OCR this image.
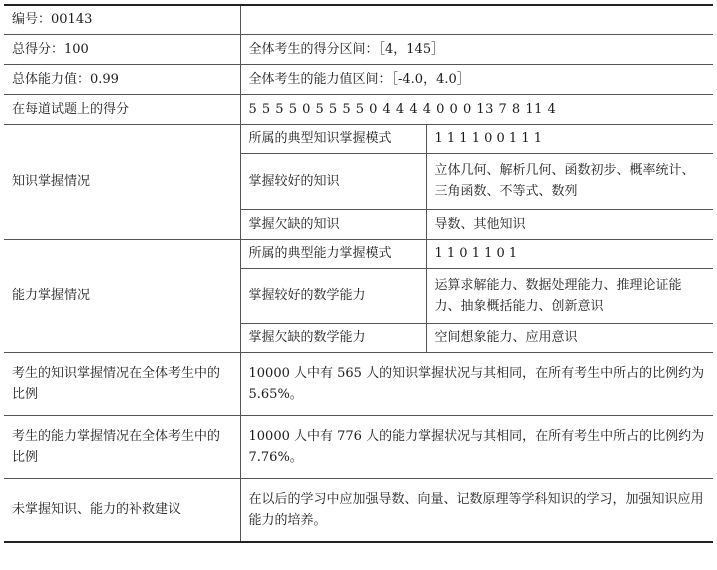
编号：00143		
总得分：100	全体考生的得分区间：［4，145］	
总体能力值：0.99	全体考生的能力值区间：［-4.0，4.0］	
在每道试题上的得分	5 5 5 5 0 5 5 5 5 0 4 4 4 4 0 0 0 13 7 8 11 4	
知识掌握情况	所属的典型知识掌握模式	1 1 1 1 0 0 1 1 1
	掌握较好的知识	立体几何、解析几何、函数初步、概率统计、三角函数、不等式、数列
	掌握欠缺的知识	导数、其他知识
能力掌握情况	所属的典型能力掌握模式	1 1 0 1 1 0 1
	掌握较好的数学能力	运算求解能力、数据处理能力、推理论证能力、抽象概括能力、创新意识
	掌握欠缺的数学能力	空间想象能力、应用意识
考生的知识掌握情况在全体考生中的比例	10000 人中有 565 人的知识掌握状况与其相同，在所有考生中所占的比例约为 5.65%。	
考生的能力掌握情况在全体考生中的比例	10000 人中有 776 人的能力掌握状况与其相同，在所有考生中所占的比例约为 7.76%。	
未掌握知识、能力的补救建议	在以后的学习中应加强导数、向量、记数原理等学科知识的学习，加强知识应用能力的培养。	
